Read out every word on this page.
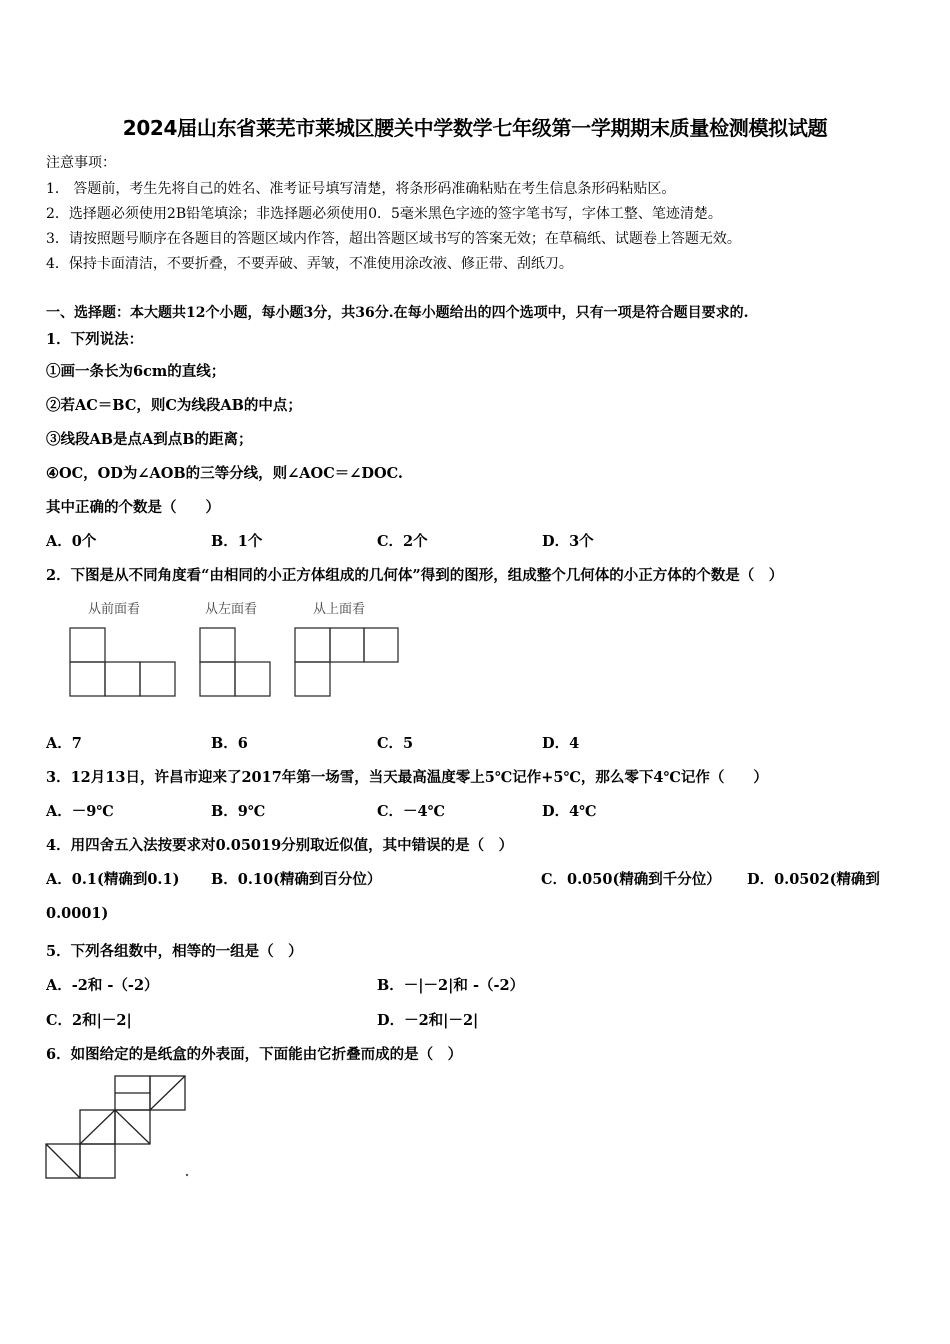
2024届山东省莱芜市莱城区腰关中学数学七年级第一学期期末质量检测模拟试题
注意事项：
1． 答题前，考生先将自己的姓名、准考证号填写清楚，将条形码准确粘贴在考生信息条形码粘贴区。
2．选择题必须使用2B铅笔填涂；非选择题必须使用0．5毫米黑色字迹的签字笔书写，字体工整、笔迹清楚。
3．请按照题号顺序在各题目的答题区域内作答，超出答题区域书写的答案无效；在草稿纸、试题卷上答题无效。
4．保持卡面清洁，不要折叠，不要弄破、弄皱，不准使用涂改液、修正带、刮纸刀。
一、选择题：本大题共12个小题，每小题3分，共36分.在每小题给出的四个选项中，只有一项是符合题目要求的.
1．下列说法：
①画一条长为6cm的直线；
②若AC＝BC，则C为线段AB的中点；
③线段AB是点A到点B的距离；
④OC，OD为∠AOB的三等分线，则∠AOC＝∠DOC.
其中正确的个数是（　　）
A．0个	B．1个	C．2个	D．3个
2．下图是从不同角度看“由相同的小正方体组成的几何体”得到的图形，组成整个几何体的小正方体的个数是（　）
从前面看	从左面看	从上面看
A．7	B．6	C．5	D．4
3．12月13日，许昌市迎来了2017年第一场雪，当天最高温度零上5℃记作+5℃，那么零下4℃记作（　　）
A．－9℃	B．9℃	C．－4℃	D．4℃
4．用四舍五入法按要求对0.05019分别取近似值，其中错误的是（　）
A．0.1(精确到0.1) B．0.10(精确到百分位）	C．0.050(精确到千分位） D．0.0502(精确到
0.0001)
5．下列各组数中，相等的一组是（　）
A．-2和 -（-2）	B．－|－2|和 -（-2）
C．2和|－2|	D．－2和|－2|
6．如图给定的是纸盒的外表面，下面能由它折叠而成的是（　）
